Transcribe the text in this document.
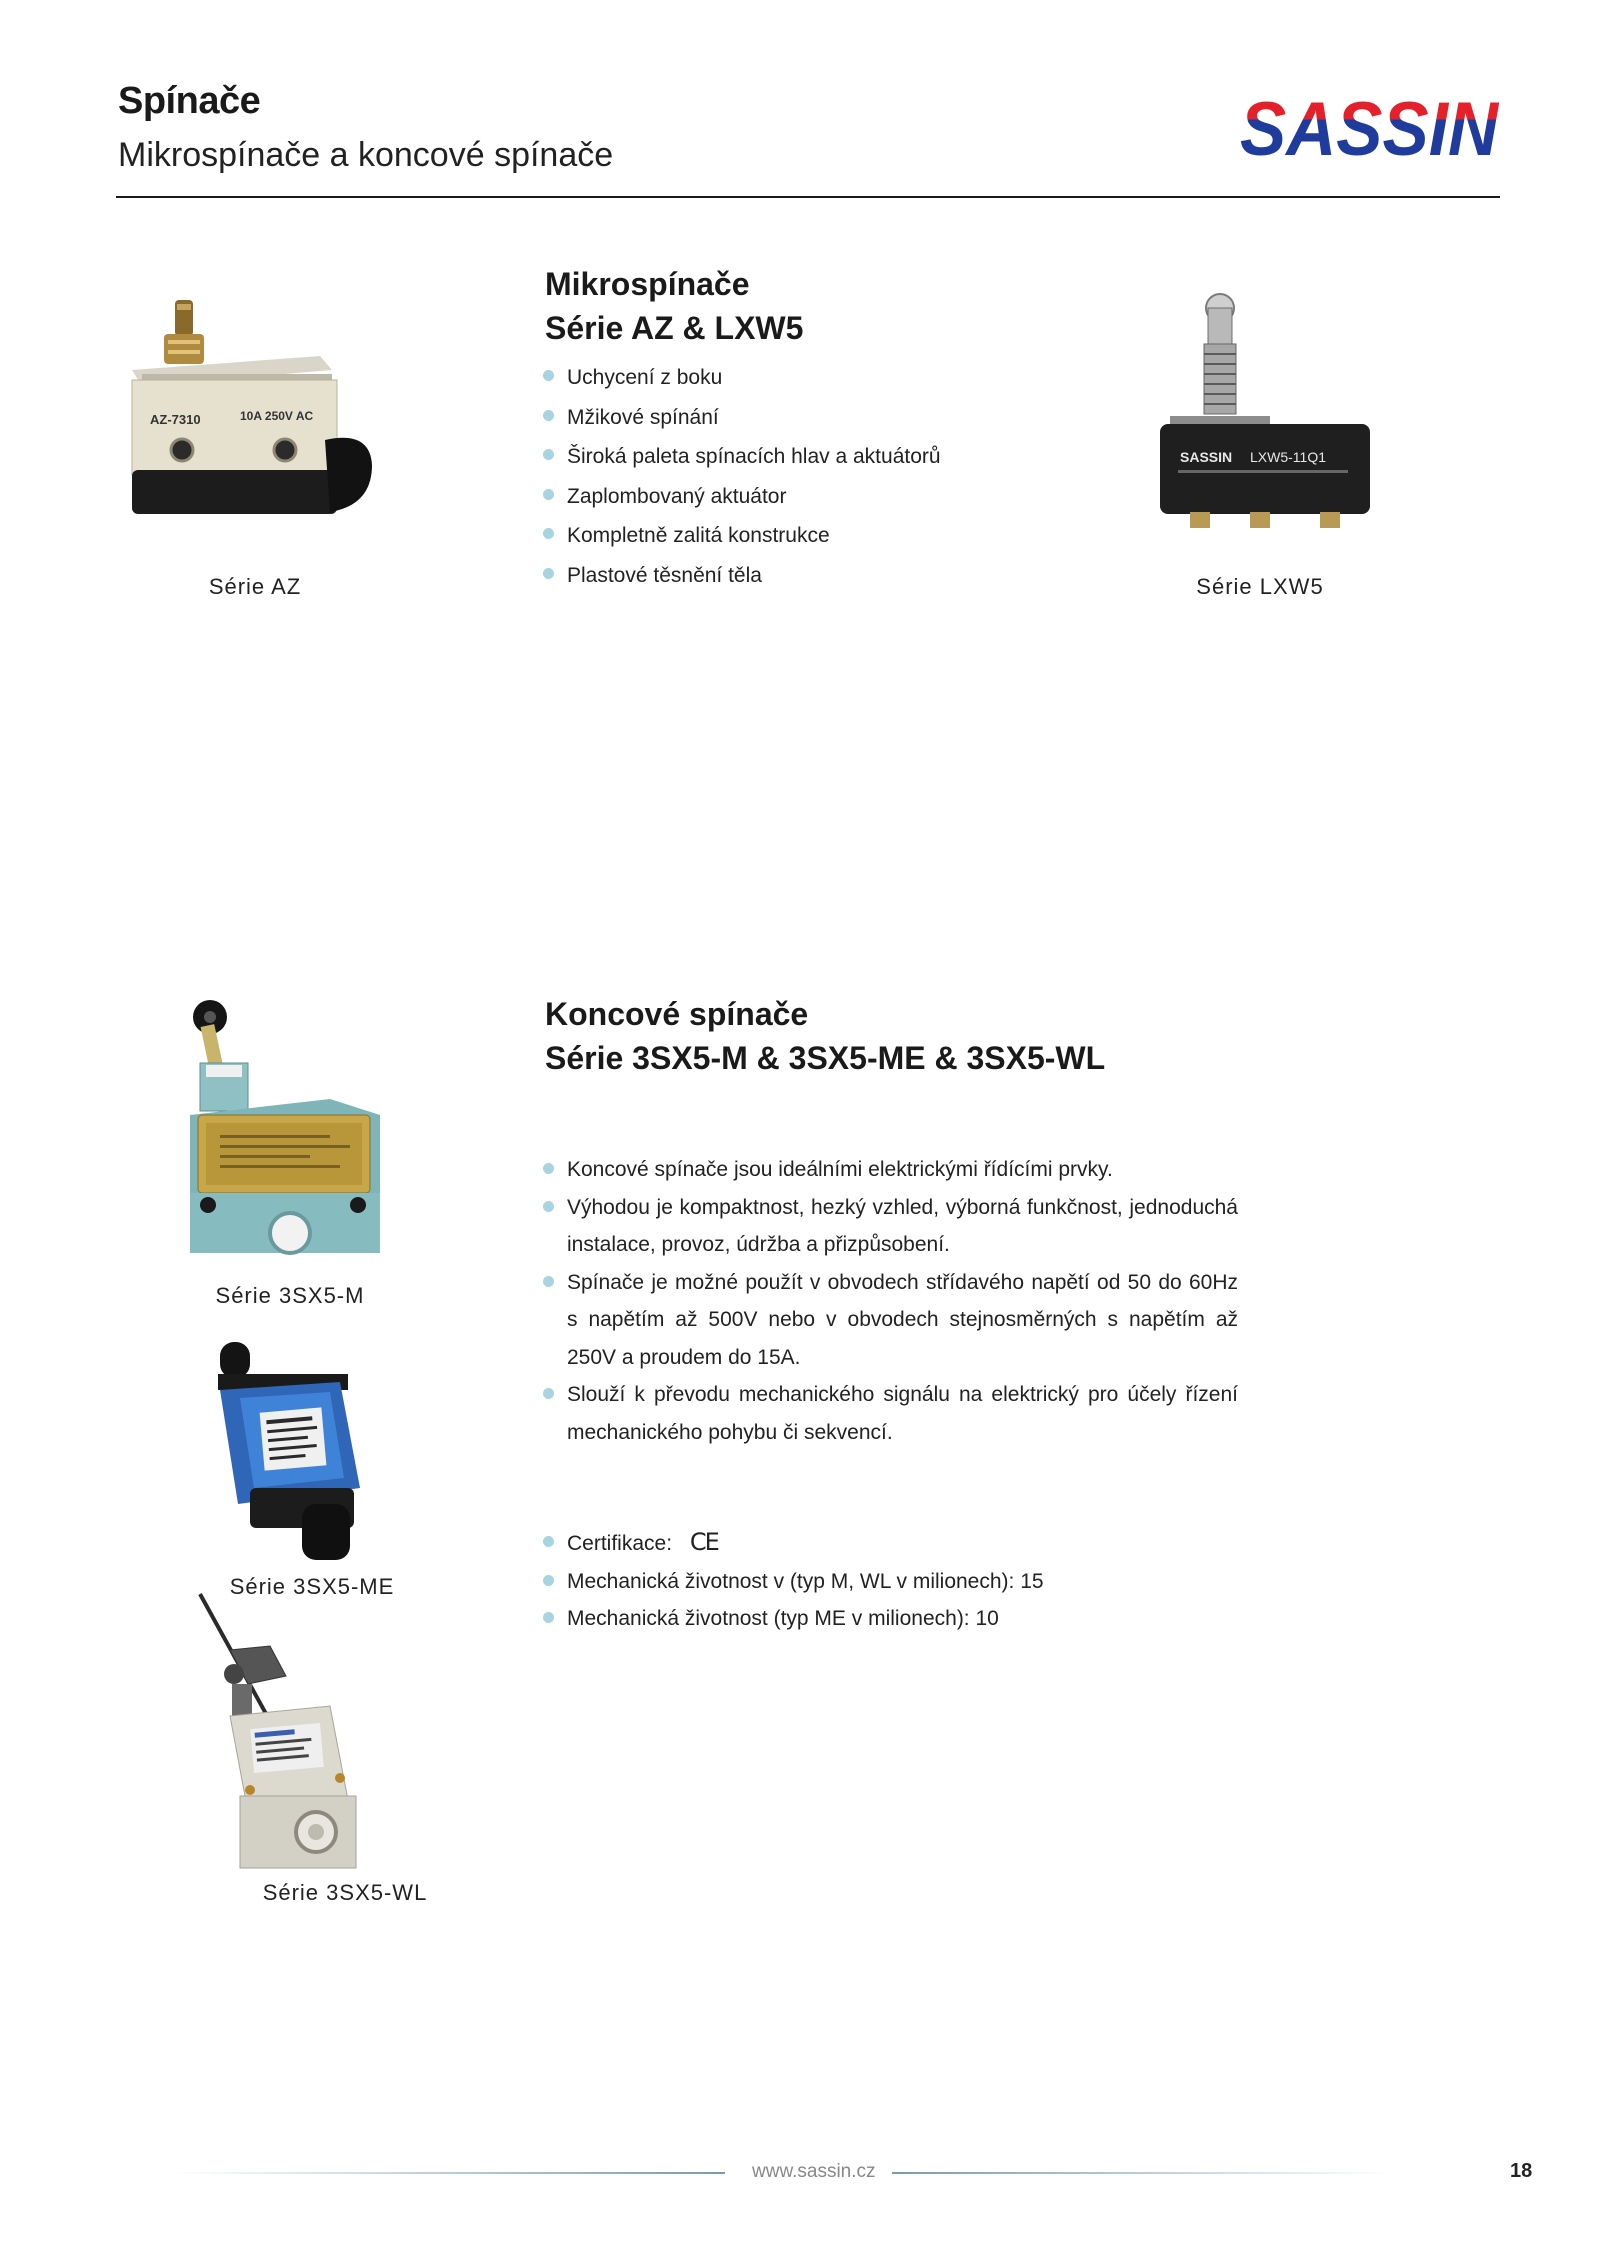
Spínače
Mikrospínače a koncové spínače	SASSIN
AZ-7310	10A 250V AC
Série AZ
Mikrospínače
Série AZ & LXW5
Uchycení z boku
Mžikové spínání
Široká paleta spínacích hlav a aktuátorů
Zaplombovaný aktuátor
Kompletně zalitá konstrukce
Plastové těsnění těla
SASSIN LXW5-11Q1
Série LXW5
Koncové spínače
Série 3SX5-M & 3SX5-ME & 3SX5-WL
Koncové spínače jsou ideálními elektrickými řídícími prvky.
Výhodou je kompaktnost, hezký vzhled, výborná funkčnost, jednoduchá instalace, provoz, údržba a přizpůsobení.
Spínače je možné použít v obvodech střídavého napětí od 50 do 60Hz s napětím až 500V nebo v obvodech stejnosměrných s napětím až 250V a proudem do 15A.
Slouží k převodu mechanického signálu na elektrický pro účely řízení mechanického pohybu či sekvencí.
Certifikace: CE
Mechanická životnost v (typ M, WL v milionech): 15
Mechanická životnost (typ ME v milionech): 10
Série 3SX5-M
Série 3SX5-ME
Série 3SX5-WL
www.sassin.cz	18
